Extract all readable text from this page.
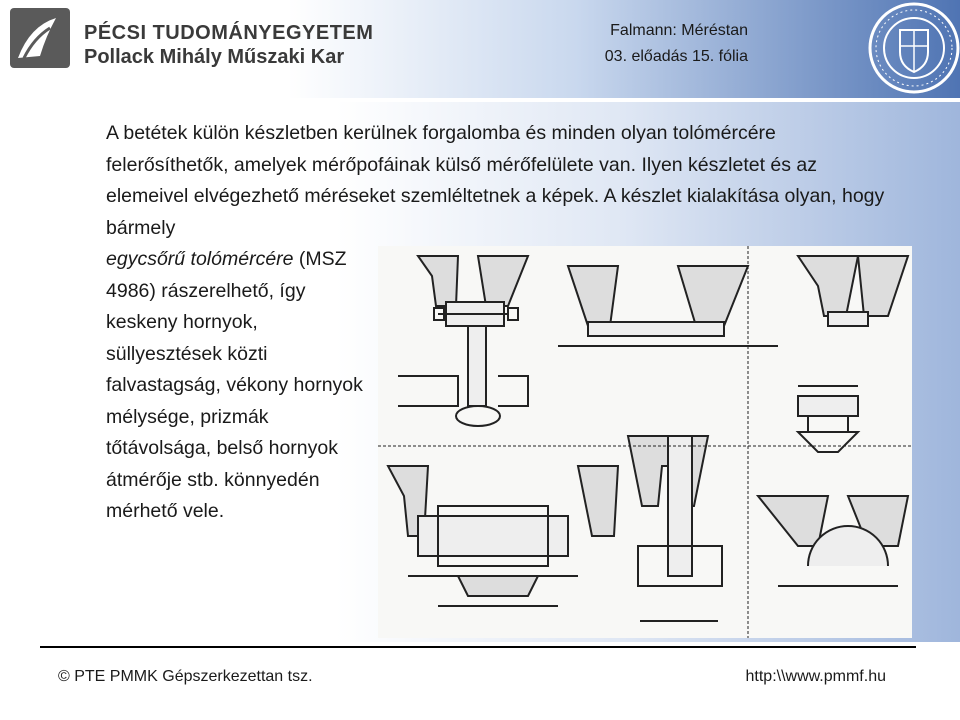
PÉCSI TUDOMÁNYEGYETEM
Pollack Mihály Műszaki Kar
Falmann: Méréstan
03. előadás 15. fólia
A betétek külön készletben kerülnek forgalomba és minden olyan tolómércére felerősíthetők, amelyek mérőpofáinak külső mérőfelülete van. Ilyen készletet és az elemeivel elvégezhető méréseket szemléltetnek a képek. A készlet kialakítása olyan, hogy bármely
egycsőrű tolómércére (MSZ 4986) rászerelhető, így keskeny hornyok, süllyesztések közti falvastagság, vékony hornyok mélysége, prizmák tőtávolsága, belső hornyok átmérője stb. könnyedén mérhető vele.
© PTE PMMK Gépszerkezettan tsz.	http:\\www.pmmf.hu
